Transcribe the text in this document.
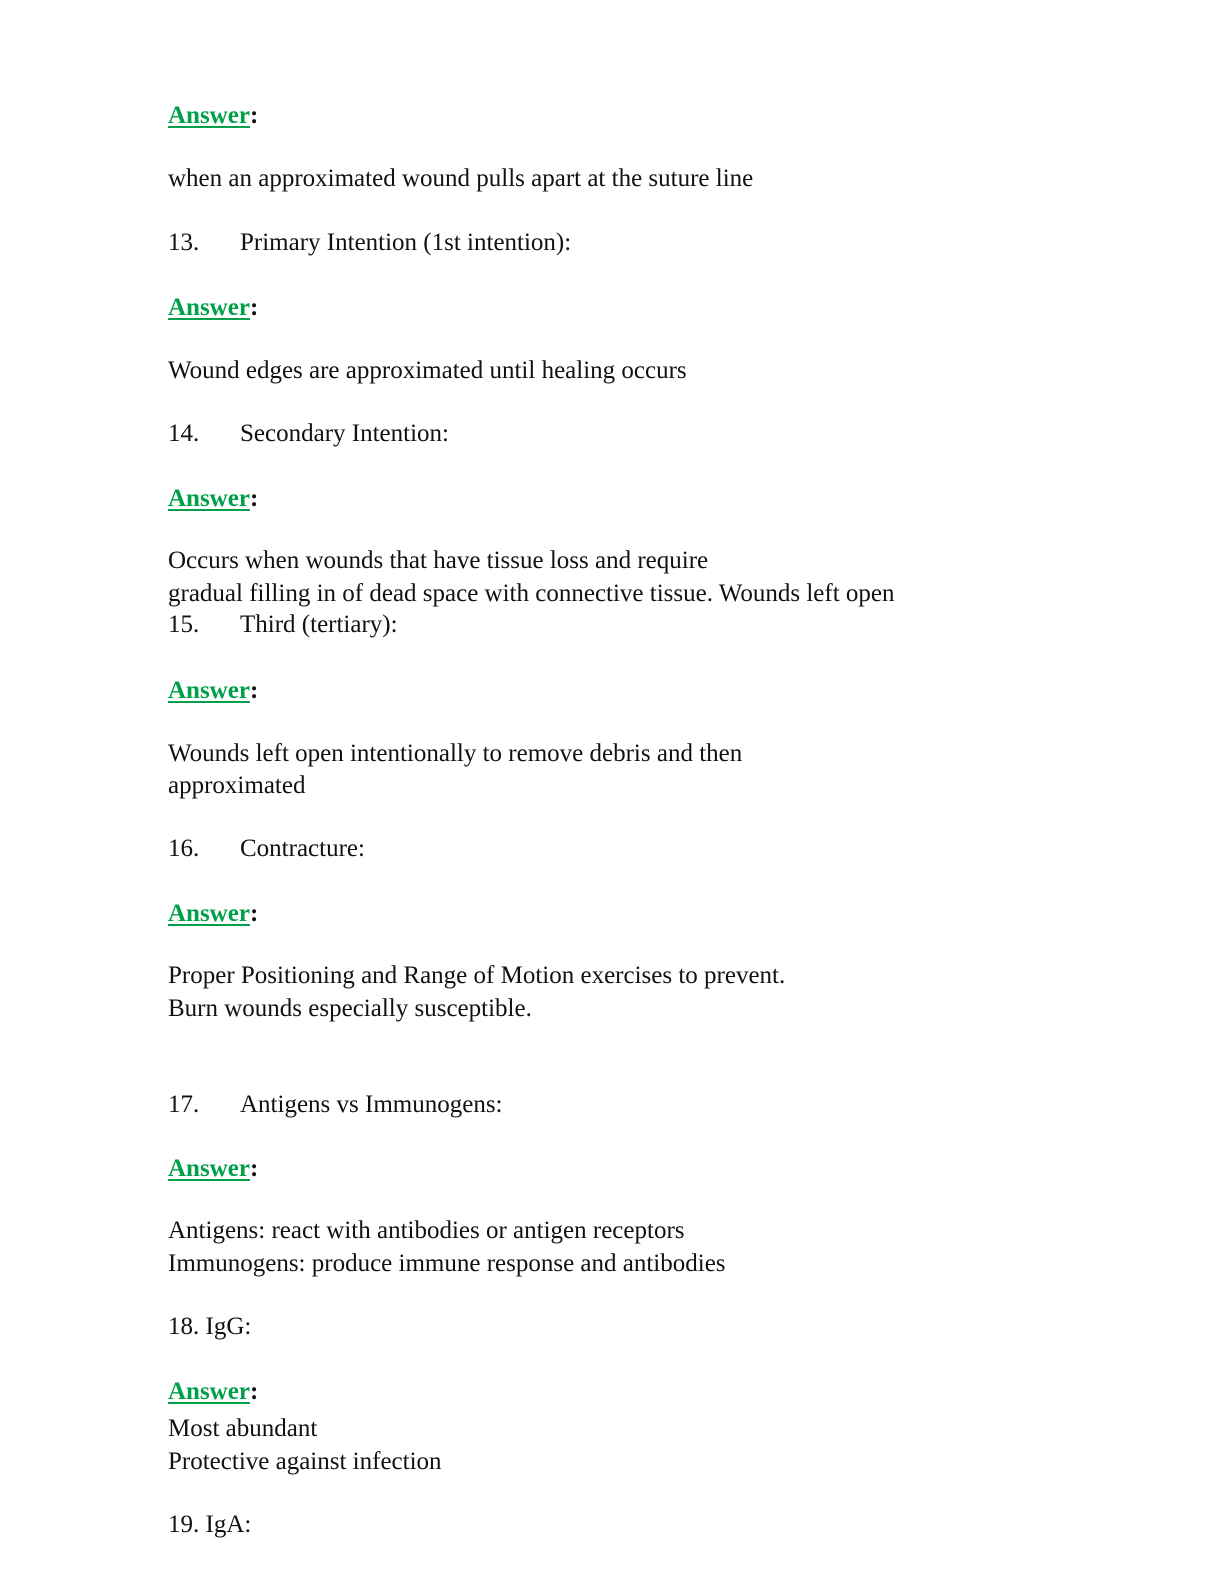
Answer:
when an approximated wound pulls apart at the suture line
13. Primary Intention (1st intention):
Answer:
Wound edges are approximated until healing occurs
14. Secondary Intention:
Answer:
Occurs when wounds that have tissue loss and require
gradual filling in of dead space with connective tissue. Wounds left open
15. Third (tertiary):
Answer:
Wounds left open intentionally to remove debris and then
approximated
16. Contracture:
Answer:
Proper Positioning and Range of Motion exercises to prevent.
Burn wounds especially susceptible.
17. Antigens vs Immunogens:
Answer:
Antigens: react with antibodies or antigen receptors
Immunogens: produce immune response and antibodies
18. IgG:
Answer:
Most abundant
Protective against infection
19. IgA:
